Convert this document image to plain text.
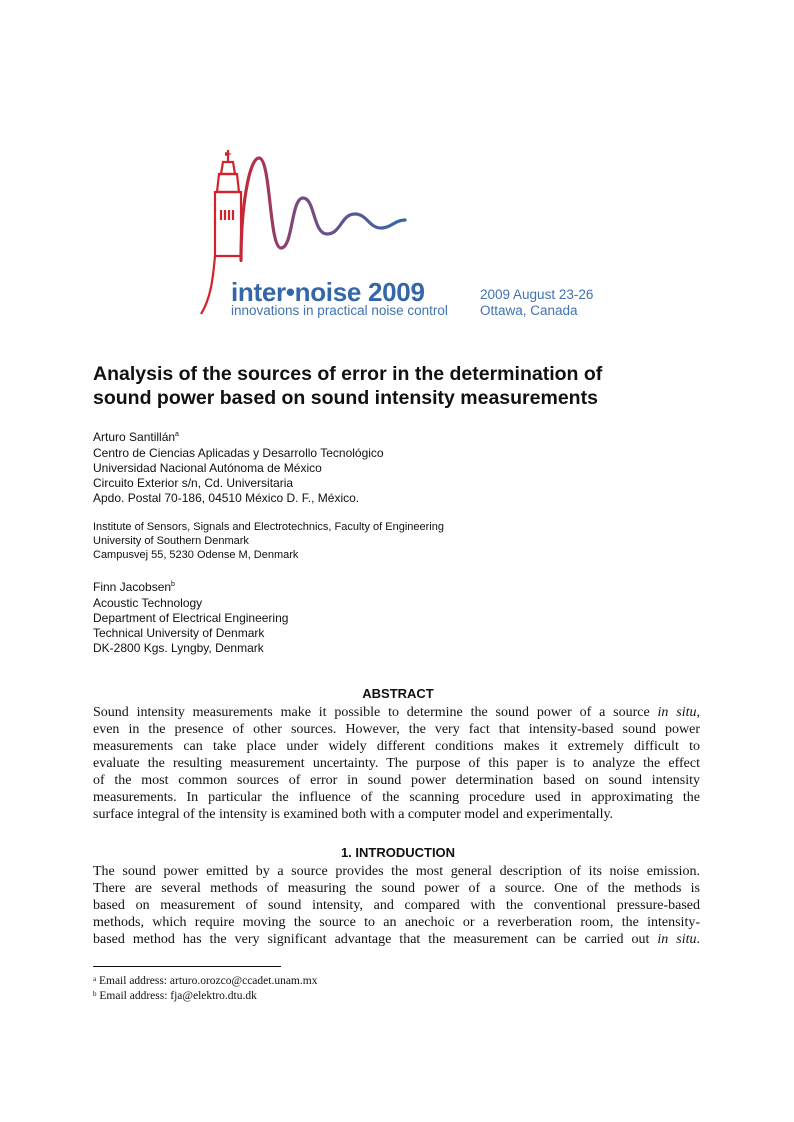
inter•noise 2009
innovations in practical noise control
2009 August 23-26
Ottawa, Canada
Analysis of the sources of error in the determination of
sound power based on sound intensity measurements
Arturo Santillán$^a$
Centro de Ciencias Aplicadas y Desarrollo Tecnológico
Universidad Nacional Autónoma de México
Circuito Exterior s/n, Cd. Universitaria
Apdo. Postal 70-186, 04510 México D. F., México.
Institute of Sensors, Signals and Electrotechnics, Faculty of Engineering
University of Southern Denmark
Campusvej 55, 5230 Odense M, Denmark
Finn Jacobsen$^b$
Acoustic Technology
Department of Electrical Engineering
Technical University of Denmark
DK-2800 Kgs. Lyngby, Denmark
ABSTRACT
Sound intensity measurements make it possible to determine the sound power of a source in situ,
even in the presence of other sources. However, the very fact that intensity-based sound power
measurements can take place under widely different conditions makes it extremely difficult to
evaluate the resulting measurement uncertainty. The purpose of this paper is to analyze the effect
of the most common sources of error in sound power determination based on sound intensity
measurements. In particular the influence of the scanning procedure used in approximating the
surface integral of the intensity is examined both with a computer model and experimentally.
1. INTRODUCTION
The sound power emitted by a source provides the most general description of its noise emission.
There are several methods of measuring the sound power of a source. One of the methods is
based on measurement of sound intensity, and compared with the conventional pressure-based
methods, which require moving the source to an anechoic or a reverberation room, the intensity-
based method has the very significant advantage that the measurement can be carried out in situ.
$^a$ Email address: arturo.orozco@ccadet.unam.mx
$^b$ Email address: fja@elektro.dtu.dk
